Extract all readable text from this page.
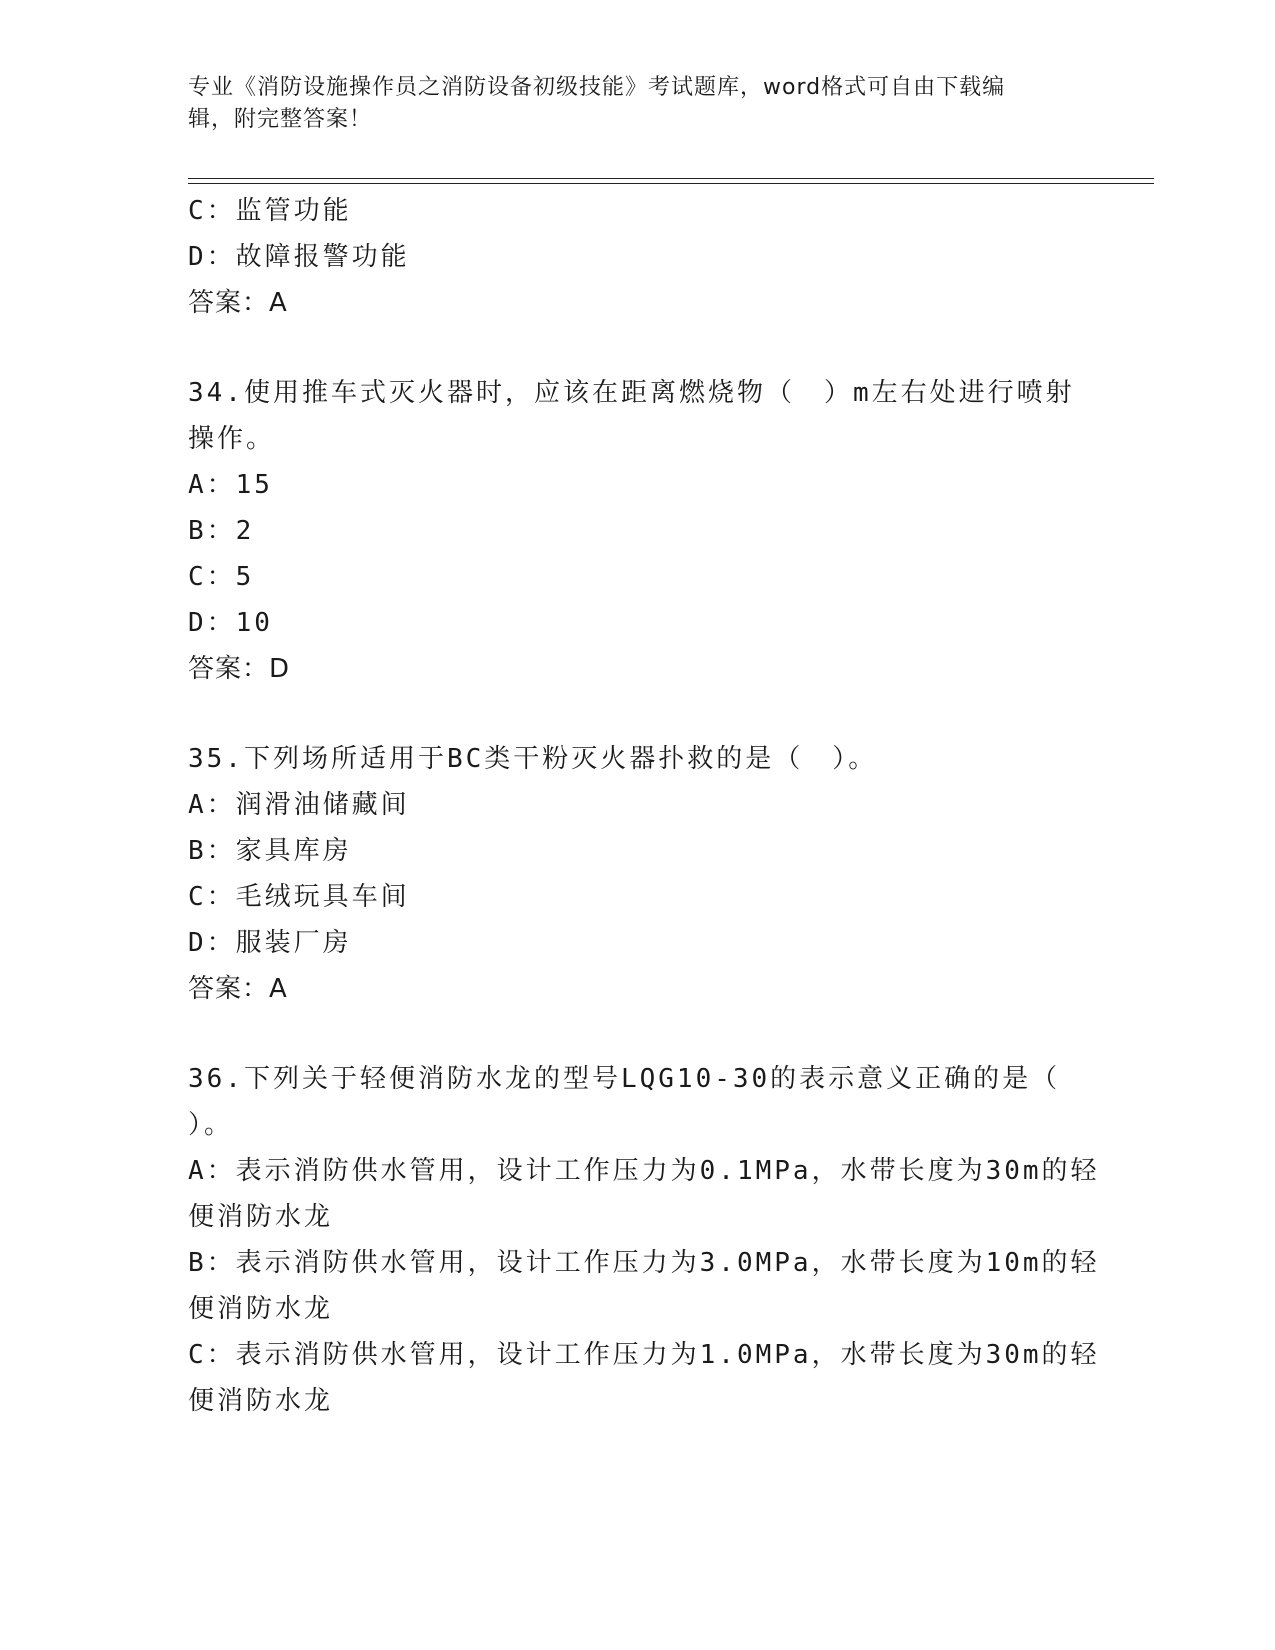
专业《消防设施操作员之消防设备初级技能》考试题库，word格式可自由下载编
辑，附完整答案！
C：监管功能
D：故障报警功能
答案：A
34.使用推车式灭火器时，应该在距离燃烧物（　）m左右处进行喷射
操作。
A：15
B：2
C：5
D：10
答案：D
35.下列场所适用于BC类干粉灭火器扑救的是（　）。
A：润滑油储藏间
B：家具库房
C：毛绒玩具车间
D：服装厂房
答案：A
36.下列关于轻便消防水龙的型号LQG10-30的表示意义正确的是（
）。
A：表示消防供水管用，设计工作压力为0.1MPa，水带长度为30m的轻
便消防水龙
B：表示消防供水管用，设计工作压力为3.0MPa，水带长度为10m的轻
便消防水龙
C：表示消防供水管用，设计工作压力为1.0MPa，水带长度为30m的轻
便消防水龙
